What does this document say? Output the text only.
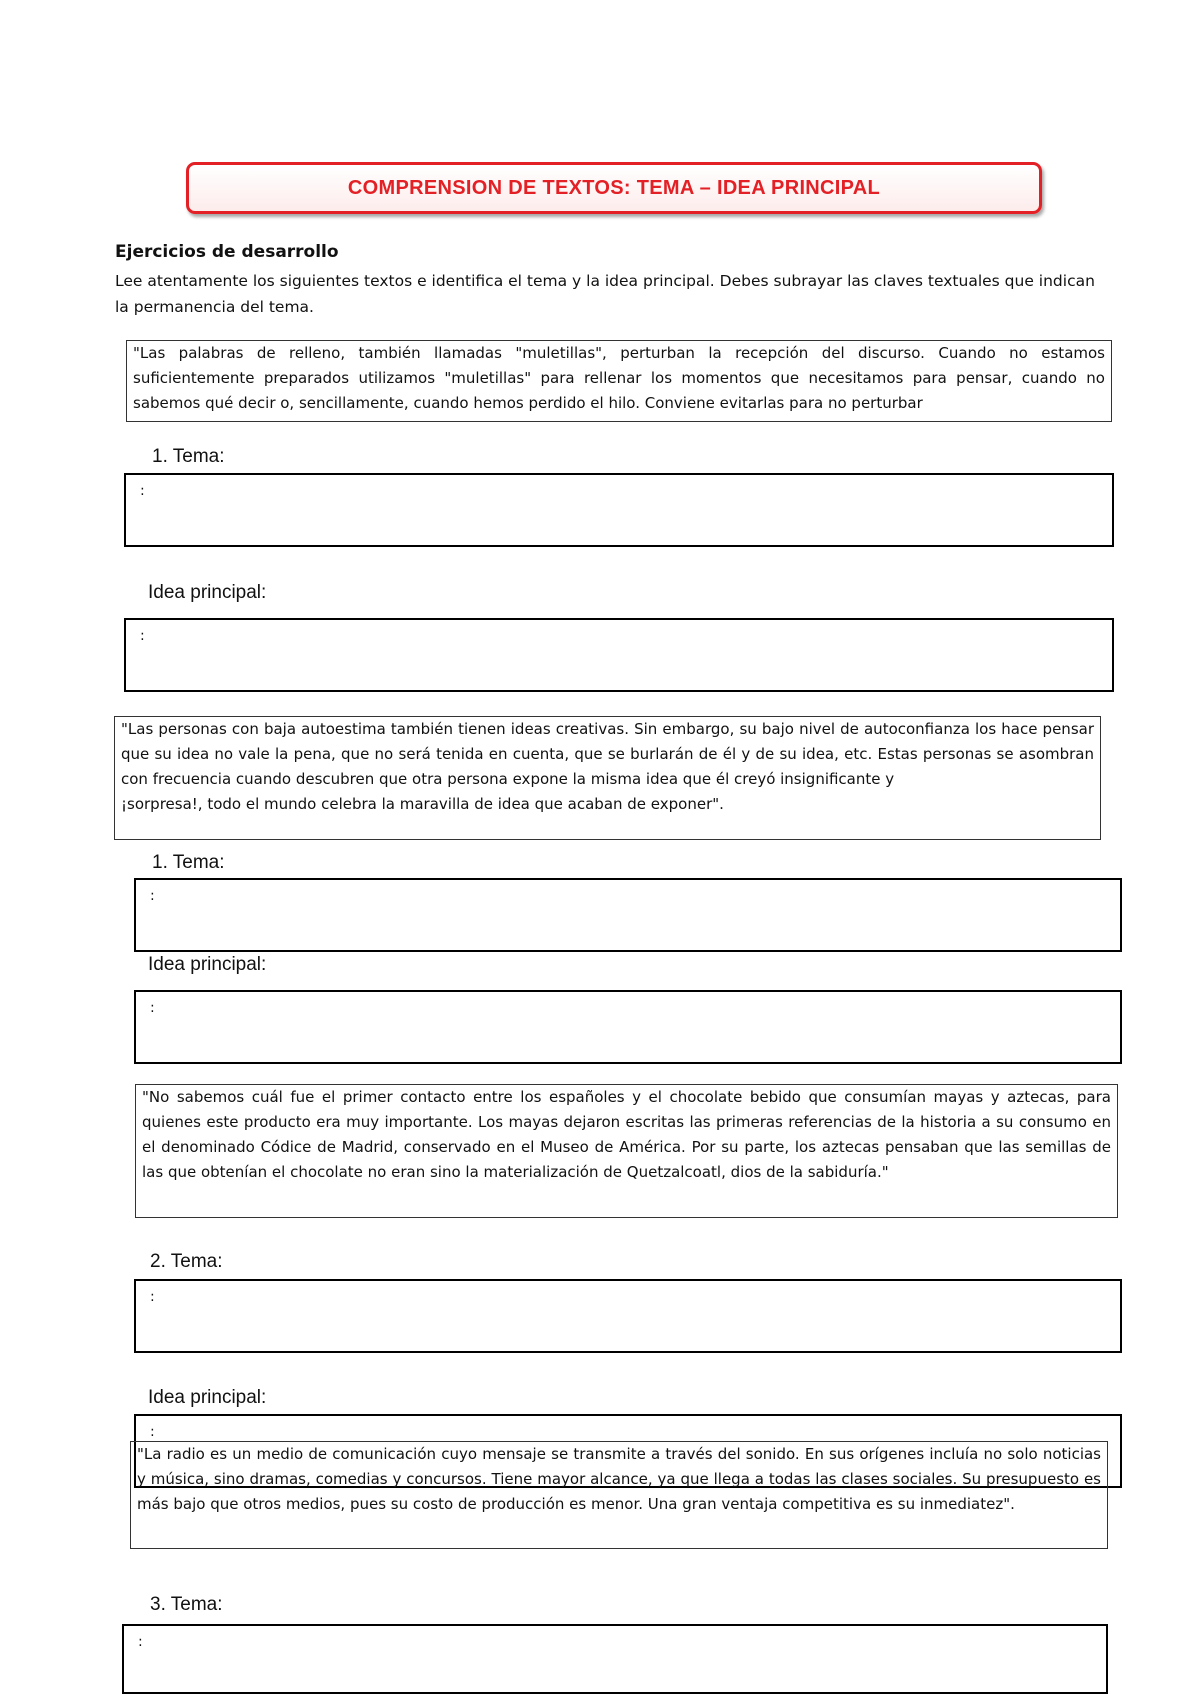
COMPRENSION DE TEXTOS: TEMA – IDEA PRINCIPAL
Ejercicios de desarrollo
Lee atentamente los siguientes textos e identifica el tema y la idea principal. Debes subrayar las claves textuales que indican la permanencia del tema.
"Las palabras de relleno, también llamadas "muletillas", perturban la recepción del discurso. Cuando no estamos suficientemente preparados utilizamos "muletillas" para rellenar los momentos que necesitamos para pensar, cuando no sabemos qué decir o, sencillamente, cuando hemos perdido el hilo. Conviene evitarlas para no perturbar
1. Tema:
:
Idea principal:
:
"Las personas con baja autoestima también tienen ideas creativas. Sin embargo, su bajo nivel de autoconfianza los hace pensar que su idea no vale la pena, que no será tenida en cuenta, que se burlarán de él y de su idea, etc. Estas personas se asombran con frecuencia cuando descubren que otra persona expone la misma idea que él creyó insignificante y
¡sorpresa!, todo el mundo celebra la maravilla de idea que acaban de exponer".
1. Tema:
:
Idea principal:
:
"No sabemos cuál fue el primer contacto entre los españoles y el chocolate bebido que consumían mayas y aztecas, para quienes este producto era muy importante. Los mayas dejaron escritas las primeras referencias de la historia a su consumo en el denominado Códice de Madrid, conservado en el Museo de América. Por su parte, los aztecas pensaban que las semillas de las que obtenían el chocolate no eran sino la materialización de Quetzalcoatl, dios de la sabiduría."
2. Tema:
:
Idea principal:
:
"La radio es un medio de comunicación cuyo mensaje se transmite a través del sonido. En sus orígenes incluía no solo noticias y música, sino dramas, comedias y concursos. Tiene mayor alcance, ya que llega a todas las clases sociales. Su presupuesto es más bajo que otros medios, pues su costo de producción es menor. Una gran ventaja competitiva es su inmediatez".
3. Tema:
:
